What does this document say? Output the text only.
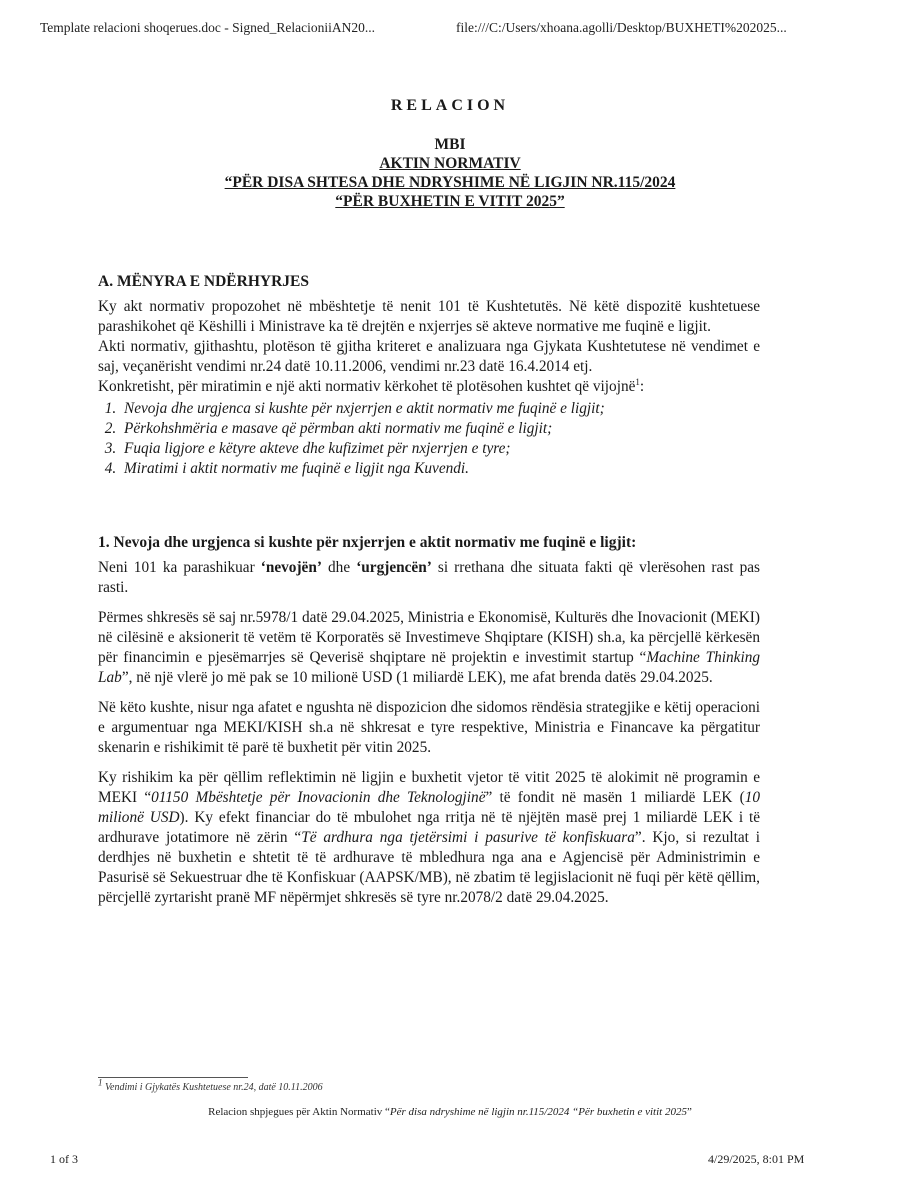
Template relacioni shoqerues.doc - Signed_RelacioniiAN20...	file:///C:/Users/xhoana.agolli/Desktop/BUXHETI%202025...
RELACION
MBI
AKTIN NORMATIV
“PËR DISA SHTESA DHE NDRYSHIME NË LIGJIN NR.115/2024
“PËR BUXHETIN E VITIT 2025”
A. MËNYRA E NDËRHYRJES

Ky akt normativ propozohet në mbështetje të nenit 101 të Kushtetutës. Në këtë dispozitë kushtetuese parashikohet që Këshilli i Ministrave ka të drejtën e nxjerrjes së akteve normative me fuqinë e ligjit.

Akti normativ, gjithashtu, plotëson të gjitha kriteret e analizuara nga Gjykata Kushtetutese në vendimet e saj, veçanërisht vendimi nr.24 datë 10.11.2006, vendimi nr.23 datë 16.4.2014 etj.

Konkretisht, për miratimin e një akti normativ kërkohet të plotësohen kushtet që vijojnë$^1$:

1. Nevoja dhe urgjenca si kushte për nxjerrjen e aktit normativ me fuqinë e ligjit;
2. Përkohshmëria e masave që përmban akti normativ me fuqinë e ligjit;
3. Fuqia ligjore e këtyre akteve dhe kufizimet për nxjerrjen e tyre;
4. Miratimi i aktit normativ me fuqinë e ligjit nga Kuvendi.
1. Nevoja dhe urgjenca si kushte për nxjerrjen e aktit normativ me fuqinë e ligjit:

Neni 101 ka parashikuar ‘nevojën’ dhe ‘urgjencën’ si rrethana dhe situata fakti që vlerësohen rast pas rasti.

Përmes shkresës së saj nr.5978/1 datë 29.04.2025, Ministria e Ekonomisë, Kulturës dhe Inovacionit (MEKI) në cilësinë e aksionerit të vetëm të Korporatës së Investimeve Shqiptare (KISH) sh.a, ka përcjellë kërkesën për financimin e pjesëmarrjes së Qeverisë shqiptare në projektin e investimit startup “Machine Thinking Lab”, në një vlerë jo më pak se 10 milionë USD (1 miliardë LEK), me afat brenda datës 29.04.2025.

Në këto kushte, nisur nga afatet e ngushta në dispozicion dhe sidomos rëndësia strategjike e këtij operacioni e argumentuar nga MEKI/KISH sh.a në shkresat e tyre respektive, Ministria e Financave ka përgatitur skenarin e rishikimit të parë të buxhetit për vitin 2025.

Ky rishikim ka për qëllim reflektimin në ligjin e buxhetit vjetor të vitit 2025 të alokimit në programin e MEKI “01150 Mbështetje për Inovacionin dhe Teknologjinë” të fondit në masën 1 miliardë LEK (10 milionë USD). Ky efekt financiar do të mbulohet nga rritja në të njëjtën masë prej 1 miliardë LEK i të ardhurave jotatimore në zërin “Të ardhura nga tjetërsimi i pasurive të konfiskuara”. Kjo, si rezultat i derdhjes në buxhetin e shtetit të të ardhurave të mbledhura nga ana e Agjencisë për Administrimin e Pasurisë së Sekuestruar dhe të Konfiskuar (AAPSK/MB), në zbatim të legjislacionit në fuqi për këtë qëllim, përcjellë zyrtarisht pranë MF nëpërmjet shkresës së tyre nr.2078/2 datë 29.04.2025.

$^1$ Vendimi i Gjykatës Kushtetuese nr.24, datë 10.11.2006
Relacion shpjegues për Aktin Normativ “Për disa ndryshime në ligjin nr.115/2024 “Për buxhetin e vitit 2025”
1 of 3	4/29/2025, 8:01 PM
